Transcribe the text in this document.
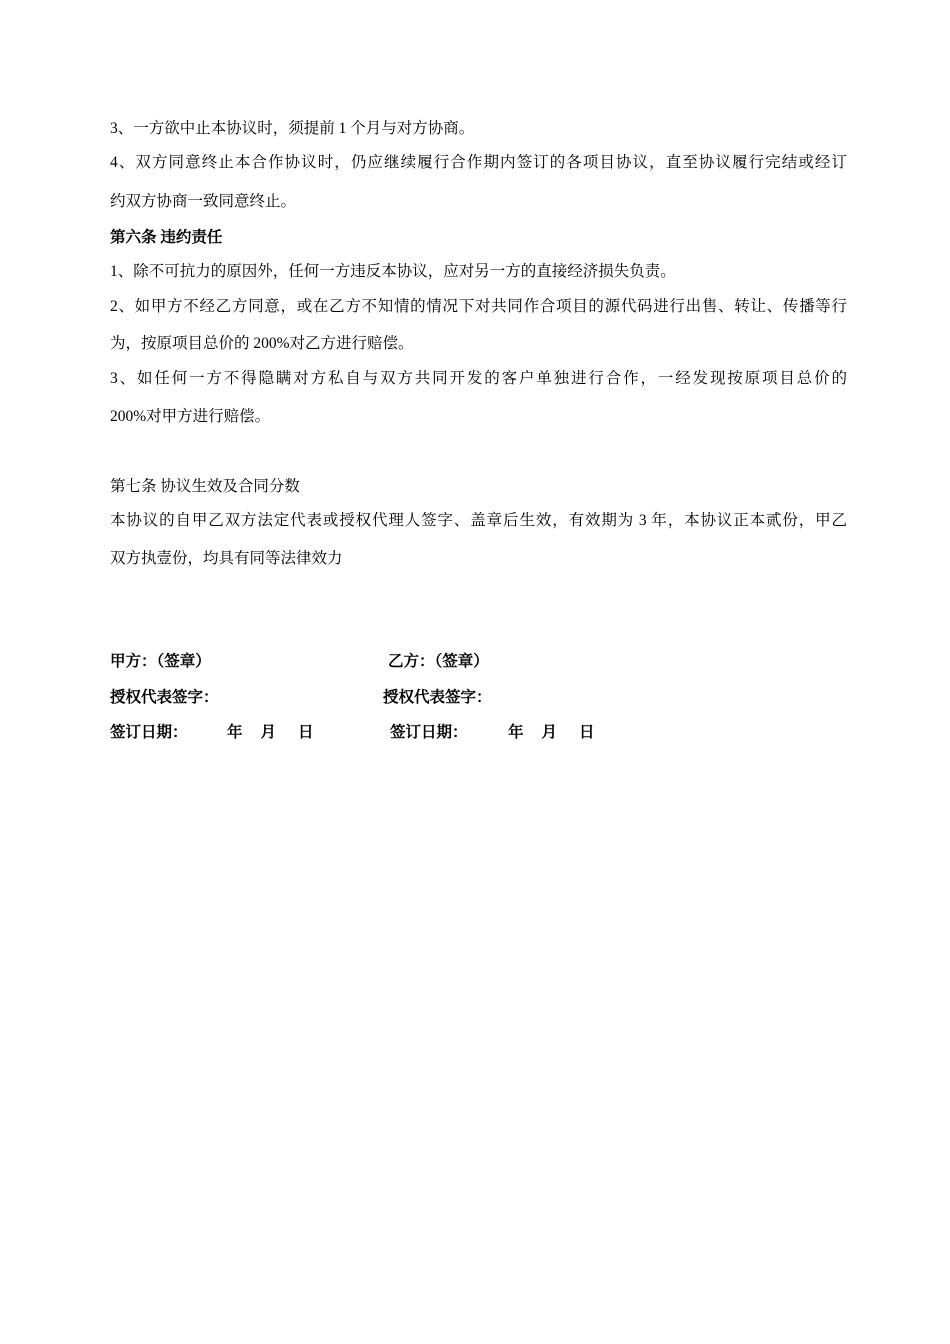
3、一方欲中止本协议时，须提前 1 个月与对方协商。
4、双方同意终止本合作协议时，仍应继续履行合作期内签订的各项目协议，直至协议履行完结或经订
约双方协商一致同意终止。
第六条 违约责任
1、除不可抗力的原因外，任何一方违反本协议，应对另一方的直接经济损失负责。
2、如甲方不经乙方同意，或在乙方不知情的情况下对共同作合项目的源代码进行出售、转让、传播等行
为，按原项目总价的 200%对乙方进行赔偿。
3、如任何一方不得隐瞒对方私自与双方共同开发的客户单独进行合作，一经发现按原项目总价的
200%对甲方进行赔偿。
第七条 协议生效及合同分数
本协议的自甲乙双方法定代表或授权代理人签字、盖章后生效，有效期为 3 年，本协议正本贰份，甲乙
双方执壹份，均具有同等法律效力
甲方：（签章）	乙方：（签章）
授权代表签字：	授权代表签字：
签订日期：	年 月 日	签订日期：	年 月 日
